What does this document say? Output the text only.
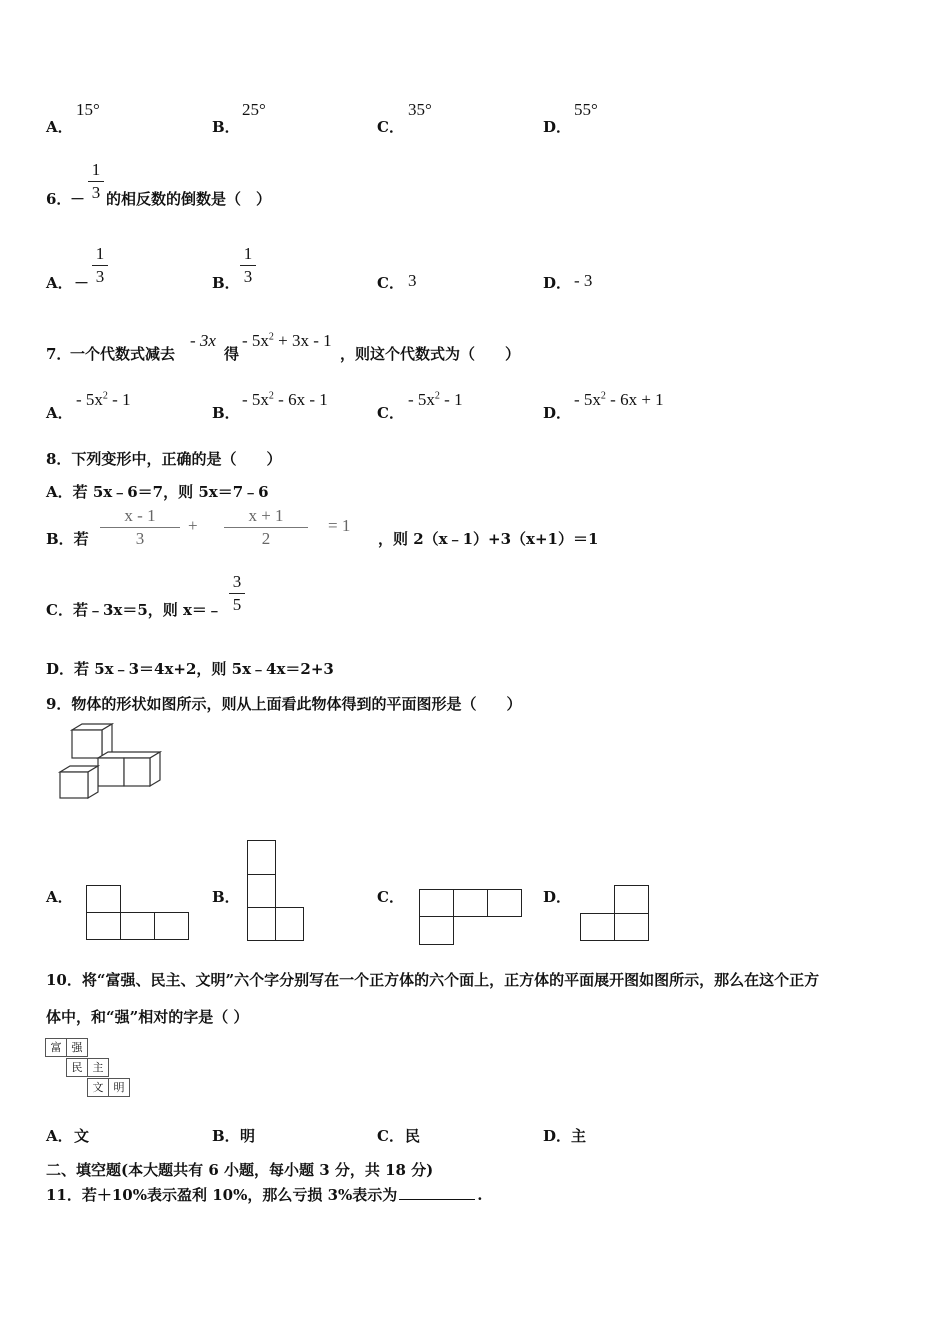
A．
15°
B．
25°
C．
35°
D．
55°
6．
－
1
3 的相反数的倒数是（　）
A． －
1
3	B．
1
3	C． 3	D． - 3
7．
一个代数式减去
- 3x
得
- $5x^2 + 3x - 1$
，则这个代数式为（　　）
A．
- $5x^2 - 1$
B．
- $5x^2 - 6x - 1$
C．
- $5x^2 - 1$
D．
- $5x^2 - 6x + 1$
8．下列变形中，正确的是（　　）
A．若 5x﹣6＝7，则 5x＝7﹣6
B．若
x - 1
3
+
x + 1
2
= 1
，则 2（x﹣1）+3（x+1）＝1
C．若﹣3x＝5，则 x＝﹣
3
5
D．若 5x﹣3＝4x+2，则 5x﹣4x＝2+3
9．物体的形状如图所示，则从上面看此物体得到的平面图形是（　　）
A．	B．	C．	D．
10．将“富强、民主、文明”六个字分别写在一个正方体的六个面上，正方体的平面展开图如图所示，那么在这个正方
体中，和“强”相对的字是（ ）
富 强
民 主
文 明
A． 文	B． 明	C． 民	D． 主
二、填空题(本大题共有 6 小题，每小题 3 分，共 18 分)
11．若＋10%表示盈利 10%，那么亏损 3%表示为	.
